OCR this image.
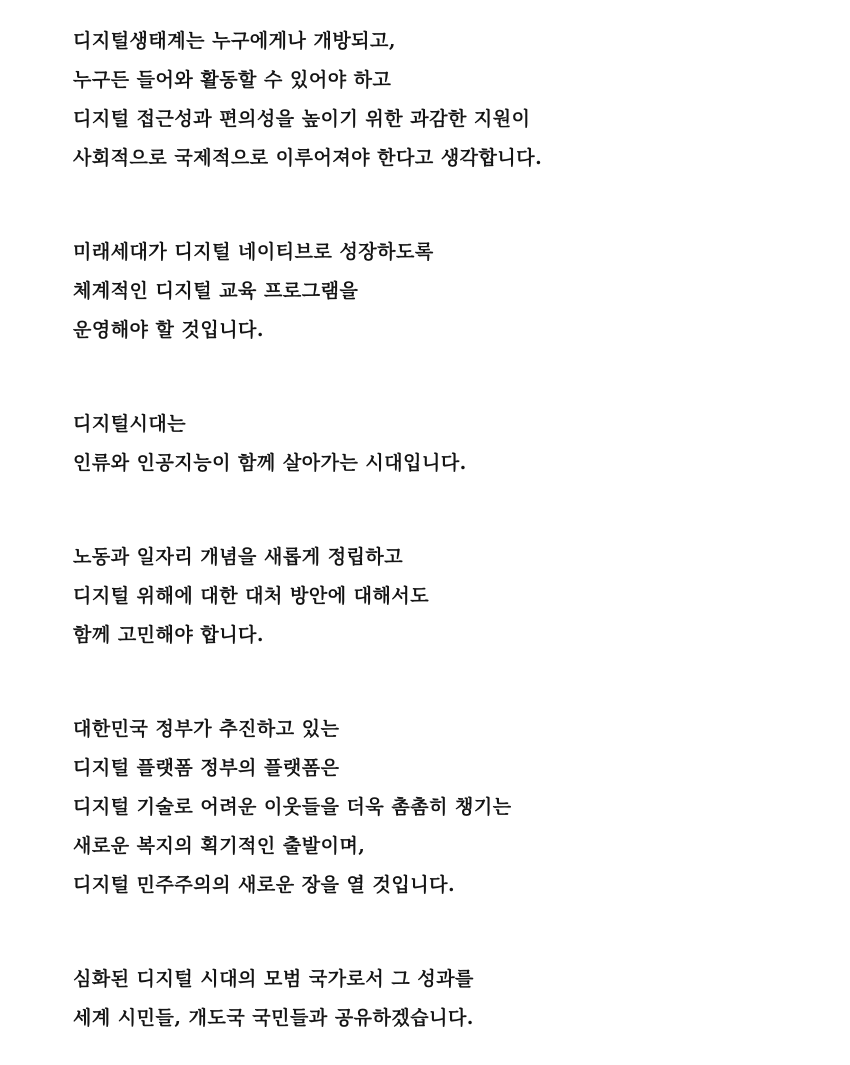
디지털생태계는 누구에게나 개방되고,
누구든 들어와 활동할 수 있어야 하고
디지털 접근성과 편의성을 높이기 위한 과감한 지원이
사회적으로 국제적으로 이루어져야 한다고 생각합니다.
미래세대가 디지털 네이티브로 성장하도록
체계적인 디지털 교육 프로그램을
운영해야 할 것입니다.
디지털시대는
인류와 인공지능이 함께 살아가는 시대입니다.
노동과 일자리 개념을 새롭게 정립하고
디지털 위해에 대한 대처 방안에 대해서도
함께 고민해야 합니다.
대한민국 정부가 추진하고 있는
디지털 플랫폼 정부의 플랫폼은
디지털 기술로 어려운 이웃들을 더욱 촘촘히 챙기는
새로운 복지의 획기적인 출발이며,
디지털 민주주의의 새로운 장을 열 것입니다.
심화된 디지털 시대의 모범 국가로서 그 성과를
세계 시민들, 개도국 국민들과 공유하겠습니다.
